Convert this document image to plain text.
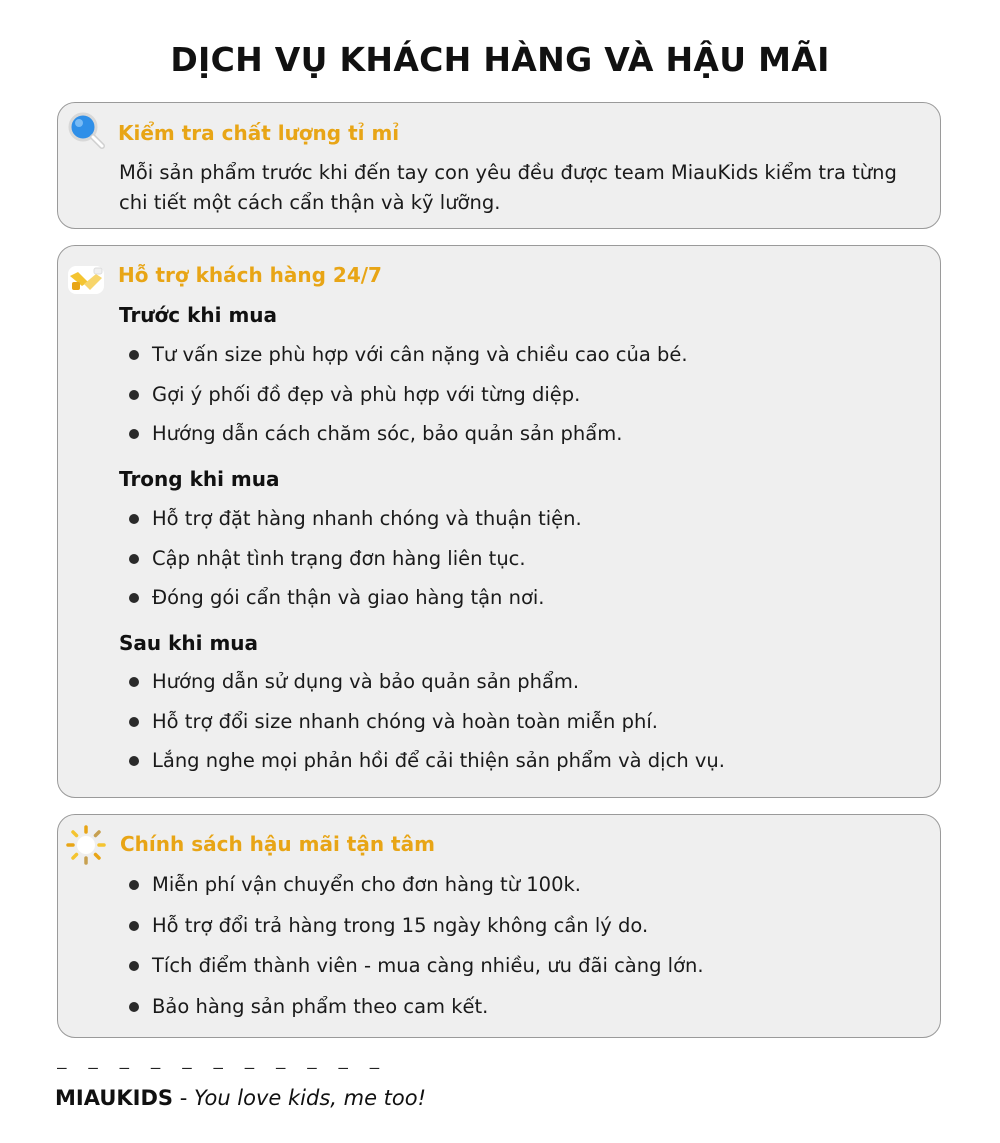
DỊCH VỤ KHÁCH HÀNG VÀ HẬU MÃI
Kiểm tra chất lượng tỉ mỉ
Mỗi sản phẩm trước khi đến tay con yêu đều được team MiauKids kiểm tra từng chi tiết một cách cẩn thận và kỹ lưỡng.
Hỗ trợ khách hàng 24/7
Trước khi mua
Tư vấn size phù hợp với cân nặng và chiều cao của bé.
Gợi ý phối đồ đẹp và phù hợp với từng diệp.
Hướng dẫn cách chăm sóc, bảo quản sản phẩm.
Trong khi mua
Hỗ trợ đặt hàng nhanh chóng và thuận tiện.
Cập nhật tình trạng đơn hàng liên tục.
Đóng gói cẩn thận và giao hàng tận nơi.
Sau khi mua
Hướng dẫn sử dụng và bảo quản sản phẩm.
Hỗ trợ đổi size nhanh chóng và hoàn toàn miễn phí.
Lắng nghe mọi phản hồi để cải thiện sản phẩm và dịch vụ.
Chính sách hậu mãi tận tâm
Miễn phí vận chuyển cho đơn hàng từ 100k.
Hỗ trợ đổi trả hàng trong 15 ngày không cần lý do.
Tích điểm thành viên - mua càng nhiều, ưu đãi càng lớn.
Bảo hàng sản phẩm theo cam kết.
– – – – – – – – – – –
MIAUKIDS - You love kids, me too!
